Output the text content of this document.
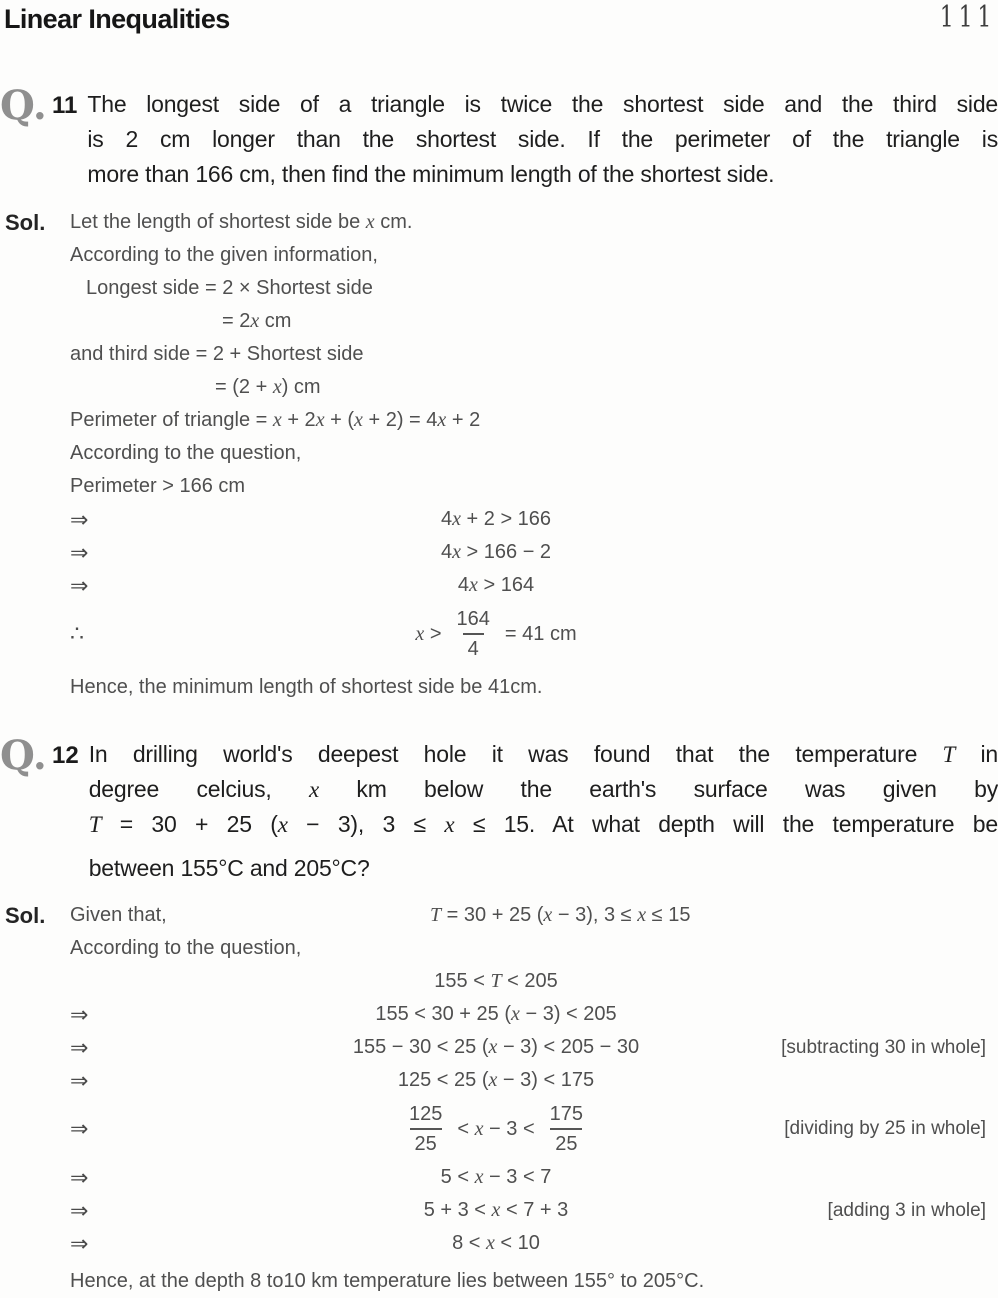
Linear Inequalities	111
Q. 11 The longest side of a triangle is twice the shortest side and the third side
is 2 cm longer than the shortest side. If the perimeter of the triangle is
more than 166 cm, then find the minimum length of the shortest side.
Sol. Let the length of shortest side be x cm.
According to the given information,
Longest side = 2 × Shortest side
= 2x cm
and third side = 2 + Shortest side
= (2 + x) cm
Perimeter of triangle = x + 2x + (x + 2) = 4x + 2
According to the question,
Perimeter > 166 cm
⇒	4x + 2 > 166
⇒	4x > 166 − 2
⇒	4x > 164
∴	$x > \frac{164}{4} = 41$ cm
Hence, the minimum length of shortest side be 41cm.
Q. 12 In drilling world's deepest hole it was found that the temperature T in
degree celcius, x km below the earth's surface was given by
T = 30 + 25 (x − 3), 3 ≤ x ≤ 15. At what depth will the temperature be
between 155°C and 205°C?
Sol. Given that,	T = 30 + 25 (x − 3), 3 ≤ x ≤ 15
According to the question,
155 < T < 205
⇒	155 < 30 + 25 (x − 3) < 205
⇒	155 − 30 < 25 (x − 3) < 205 − 30	[subtracting 30 in whole]
⇒	125 < 25 (x − 3) < 175
⇒	$\frac{125}{25} < x - 3 < \frac{175}{25}$	[dividing by 25 in whole]
⇒	5 < x − 3 < 7
⇒	5 + 3 < x < 7 + 3	[adding 3 in whole]
⇒	8 < x < 10
Hence, at the depth 8 to10 km temperature lies between 155° to 205°C.
